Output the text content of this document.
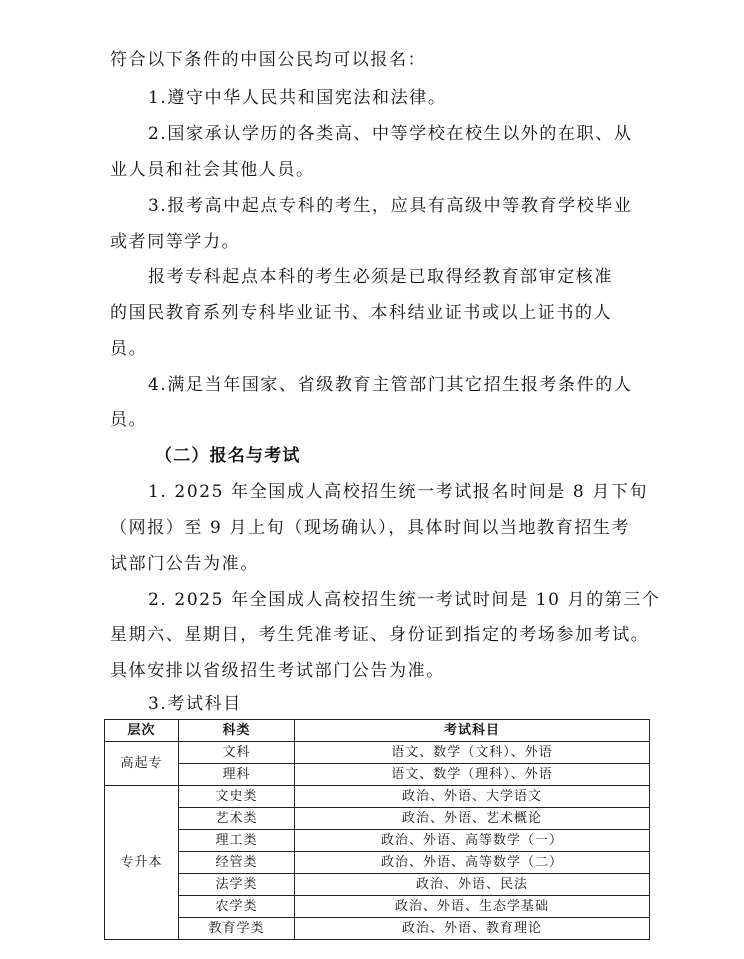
符合以下条件的中国公民均可以报名：
1.遵守中华人民共和国宪法和法律。
2.国家承认学历的各类高、中等学校在校生以外的在职、从
业人员和社会其他人员。
3.报考高中起点专科的考生，应具有高级中等教育学校毕业
或者同等学力。
报考专科起点本科的考生必须是已取得经教育部审定核准
的国民教育系列专科毕业证书、本科结业证书或以上证书的人
员。
4.满足当年国家、省级教育主管部门其它招生报考条件的人
员。
（二）报名与考试
1. 2025 年全国成人高校招生统一考试报名时间是 8 月下旬
（网报）至 9 月上旬（现场确认），具体时间以当地教育招生考
试部门公告为准。
2. 2025 年全国成人高校招生统一考试时间是 10 月的第三个
星期六、星期日，考生凭准考证、身份证到指定的考场参加考试。
具体安排以省级招生考试部门公告为准。
3.考试科目
层次	科类	考试科目
高起专	文科	语文、数学（文科）、外语
	理科	语文、数学（理科）、外语
专升本	文史类	政治、外语、大学语文
	艺术类	政治、外语、艺术概论
	理工类	政治、外语、高等数学（一）
	经管类	政治、外语、高等数学（二）
	法学类	政治、外语、民法
	农学类	政治、外语、生态学基础
	教育学类	政治、外语、教育理论
